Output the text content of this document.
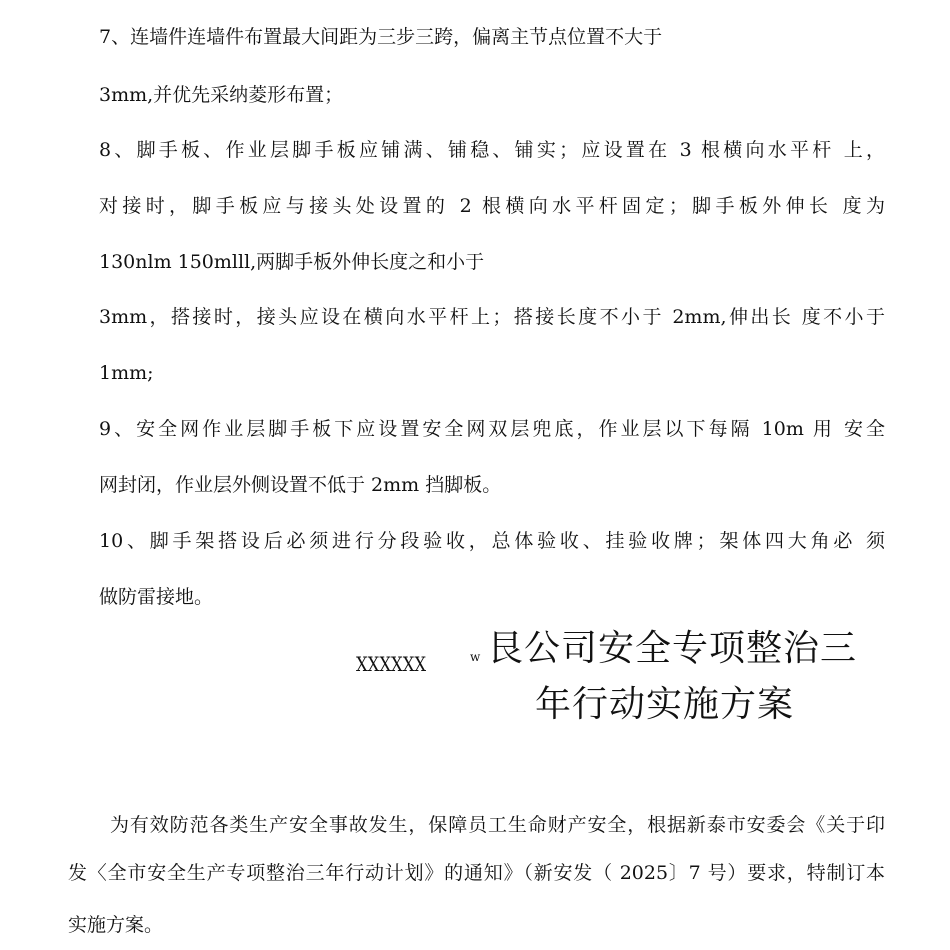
7、连墙件连墙件布置最大间距为三步三跨，偏离主节点位置不大于
3mm,并优先采纳菱形布置；
8、脚手板、作业层脚手板应铺满、铺稳、铺实；应设置在 3 根横向水平杆 上，
对接时，脚手板应与接头处设置的 2 根横向水平杆固定；脚手板外伸长 度为
130nlm 150mlll,两脚手板外伸长度之和小于
3mm，搭接时，接头应设在横向水平杆上；搭接长度不小于 2mm,伸出长 度不小于
1mm;
9、安全网作业层脚手板下应设置安全网双层兜底，作业层以下每隔 10m 用 安全
网封闭，作业层外侧设置不低于 2mm 挡脚板。
10、脚手架搭设后必须进行分段验收，总体验收、挂验收牌；架体四大角必 须
做防雷接地。
XXXXXX	w 艮公司安全专项整治三
年行动实施方案
为有效防范各类生产安全事故发生，保障员工生命财产安全，根据新泰市安委会《关于印
发〈全市安全生产专项整治三年行动计划》的通知》（新安发（ 2025〕7 号）要求，特制订本
实施方案。
